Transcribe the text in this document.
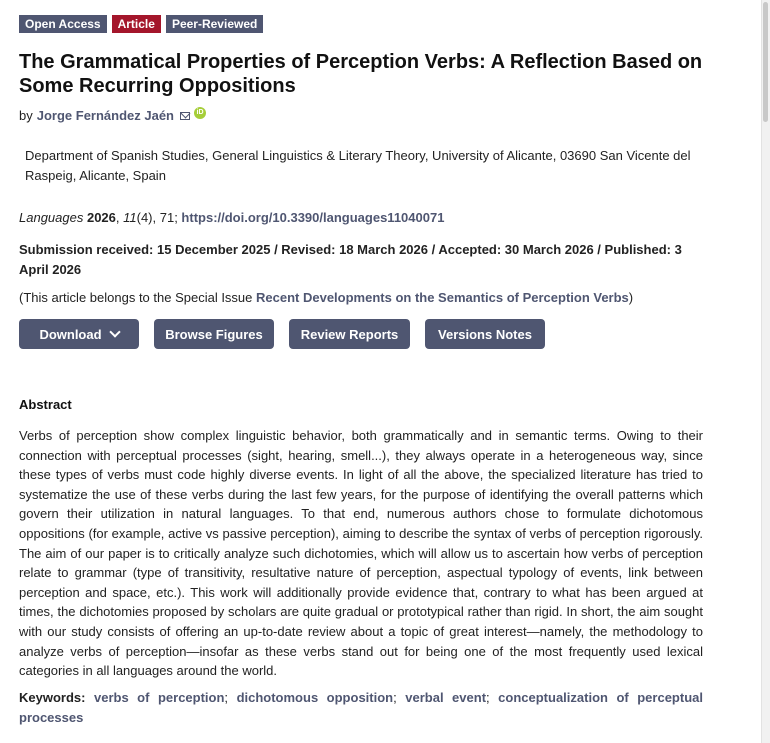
Open Access	Article	Peer-Reviewed
The Grammatical Properties of Perception Verbs: A Reflection Based on Some Recurring Oppositions
by Jorge Fernández Jaén	iD
Department of Spanish Studies, General Linguistics & Literary Theory, University of Alicante, 03690 San Vicente del Raspeig, Alicante, Spain
Languages 2026, 11(4), 71; https://doi.org/10.3390/languages11040071
Submission received: 15 December 2025 / Revised: 18 March 2026 / Accepted: 30 March 2026 / Published: 3 April 2026
(This article belongs to the Special Issue Recent Developments on the Semantics of Perception Verbs)
Download	Browse Figures	Review Reports	Versions Notes
Abstract

Verbs of perception show complex linguistic behavior, both grammatically and in semantic terms. Owing to their connection with perceptual processes (sight, hearing, smell...), they always operate in a heterogeneous way, since these types of verbs must code highly diverse events. In light of all the above, the specialized literature has tried to systematize the use of these verbs during the last few years, for the purpose of identifying the overall patterns which govern their utilization in natural languages. To that end, numerous authors chose to formulate dichotomous oppositions (for example, active vs passive perception), aiming to describe the syntax of verbs of perception rigorously. The aim of our paper is to critically analyze such dichotomies, which will allow us to ascertain how verbs of perception relate to grammar (type of transitivity, resultative nature of perception, aspectual typology of events, link between perception and space, etc.). This work will additionally provide evidence that, contrary to what has been argued at times, the dichotomies proposed by scholars are quite gradual or prototypical rather than rigid. In short, the aim sought with our study consists of offering an up-to-date review about a topic of great interest—namely, the methodology to analyze verbs of perception—insofar as these verbs stand out for being one of the most frequently used lexical categories in all languages around the world.

Keywords: verbs of perception; dichotomous opposition; verbal event; conceptualization of perceptual processes
